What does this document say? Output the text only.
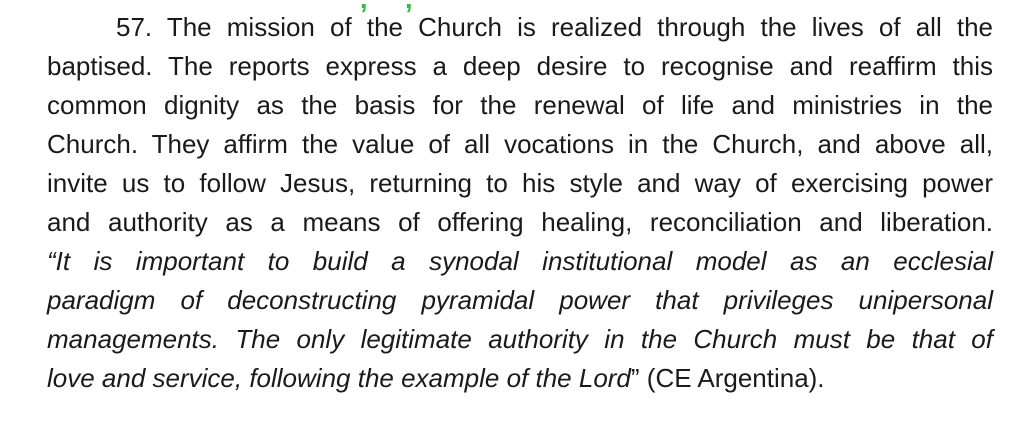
57. The mission of the Church is realized through the lives of all the
baptised. The reports express a deep desire to recognise and reaffirm this
common dignity as the basis for the renewal of life and ministries in the
Church. They affirm the value of all vocations in the Church, and above all,
invite us to follow Jesus, returning to his style and way of exercising power
and authority as a means of offering healing, reconciliation and liberation.
“It is important to build a synodal institutional model as an ecclesial
paradigm of deconstructing pyramidal power that privileges unipersonal
managements. The only legitimate authority in the Church must be that of
love and service, following the example of the Lord” (CE Argentina).
